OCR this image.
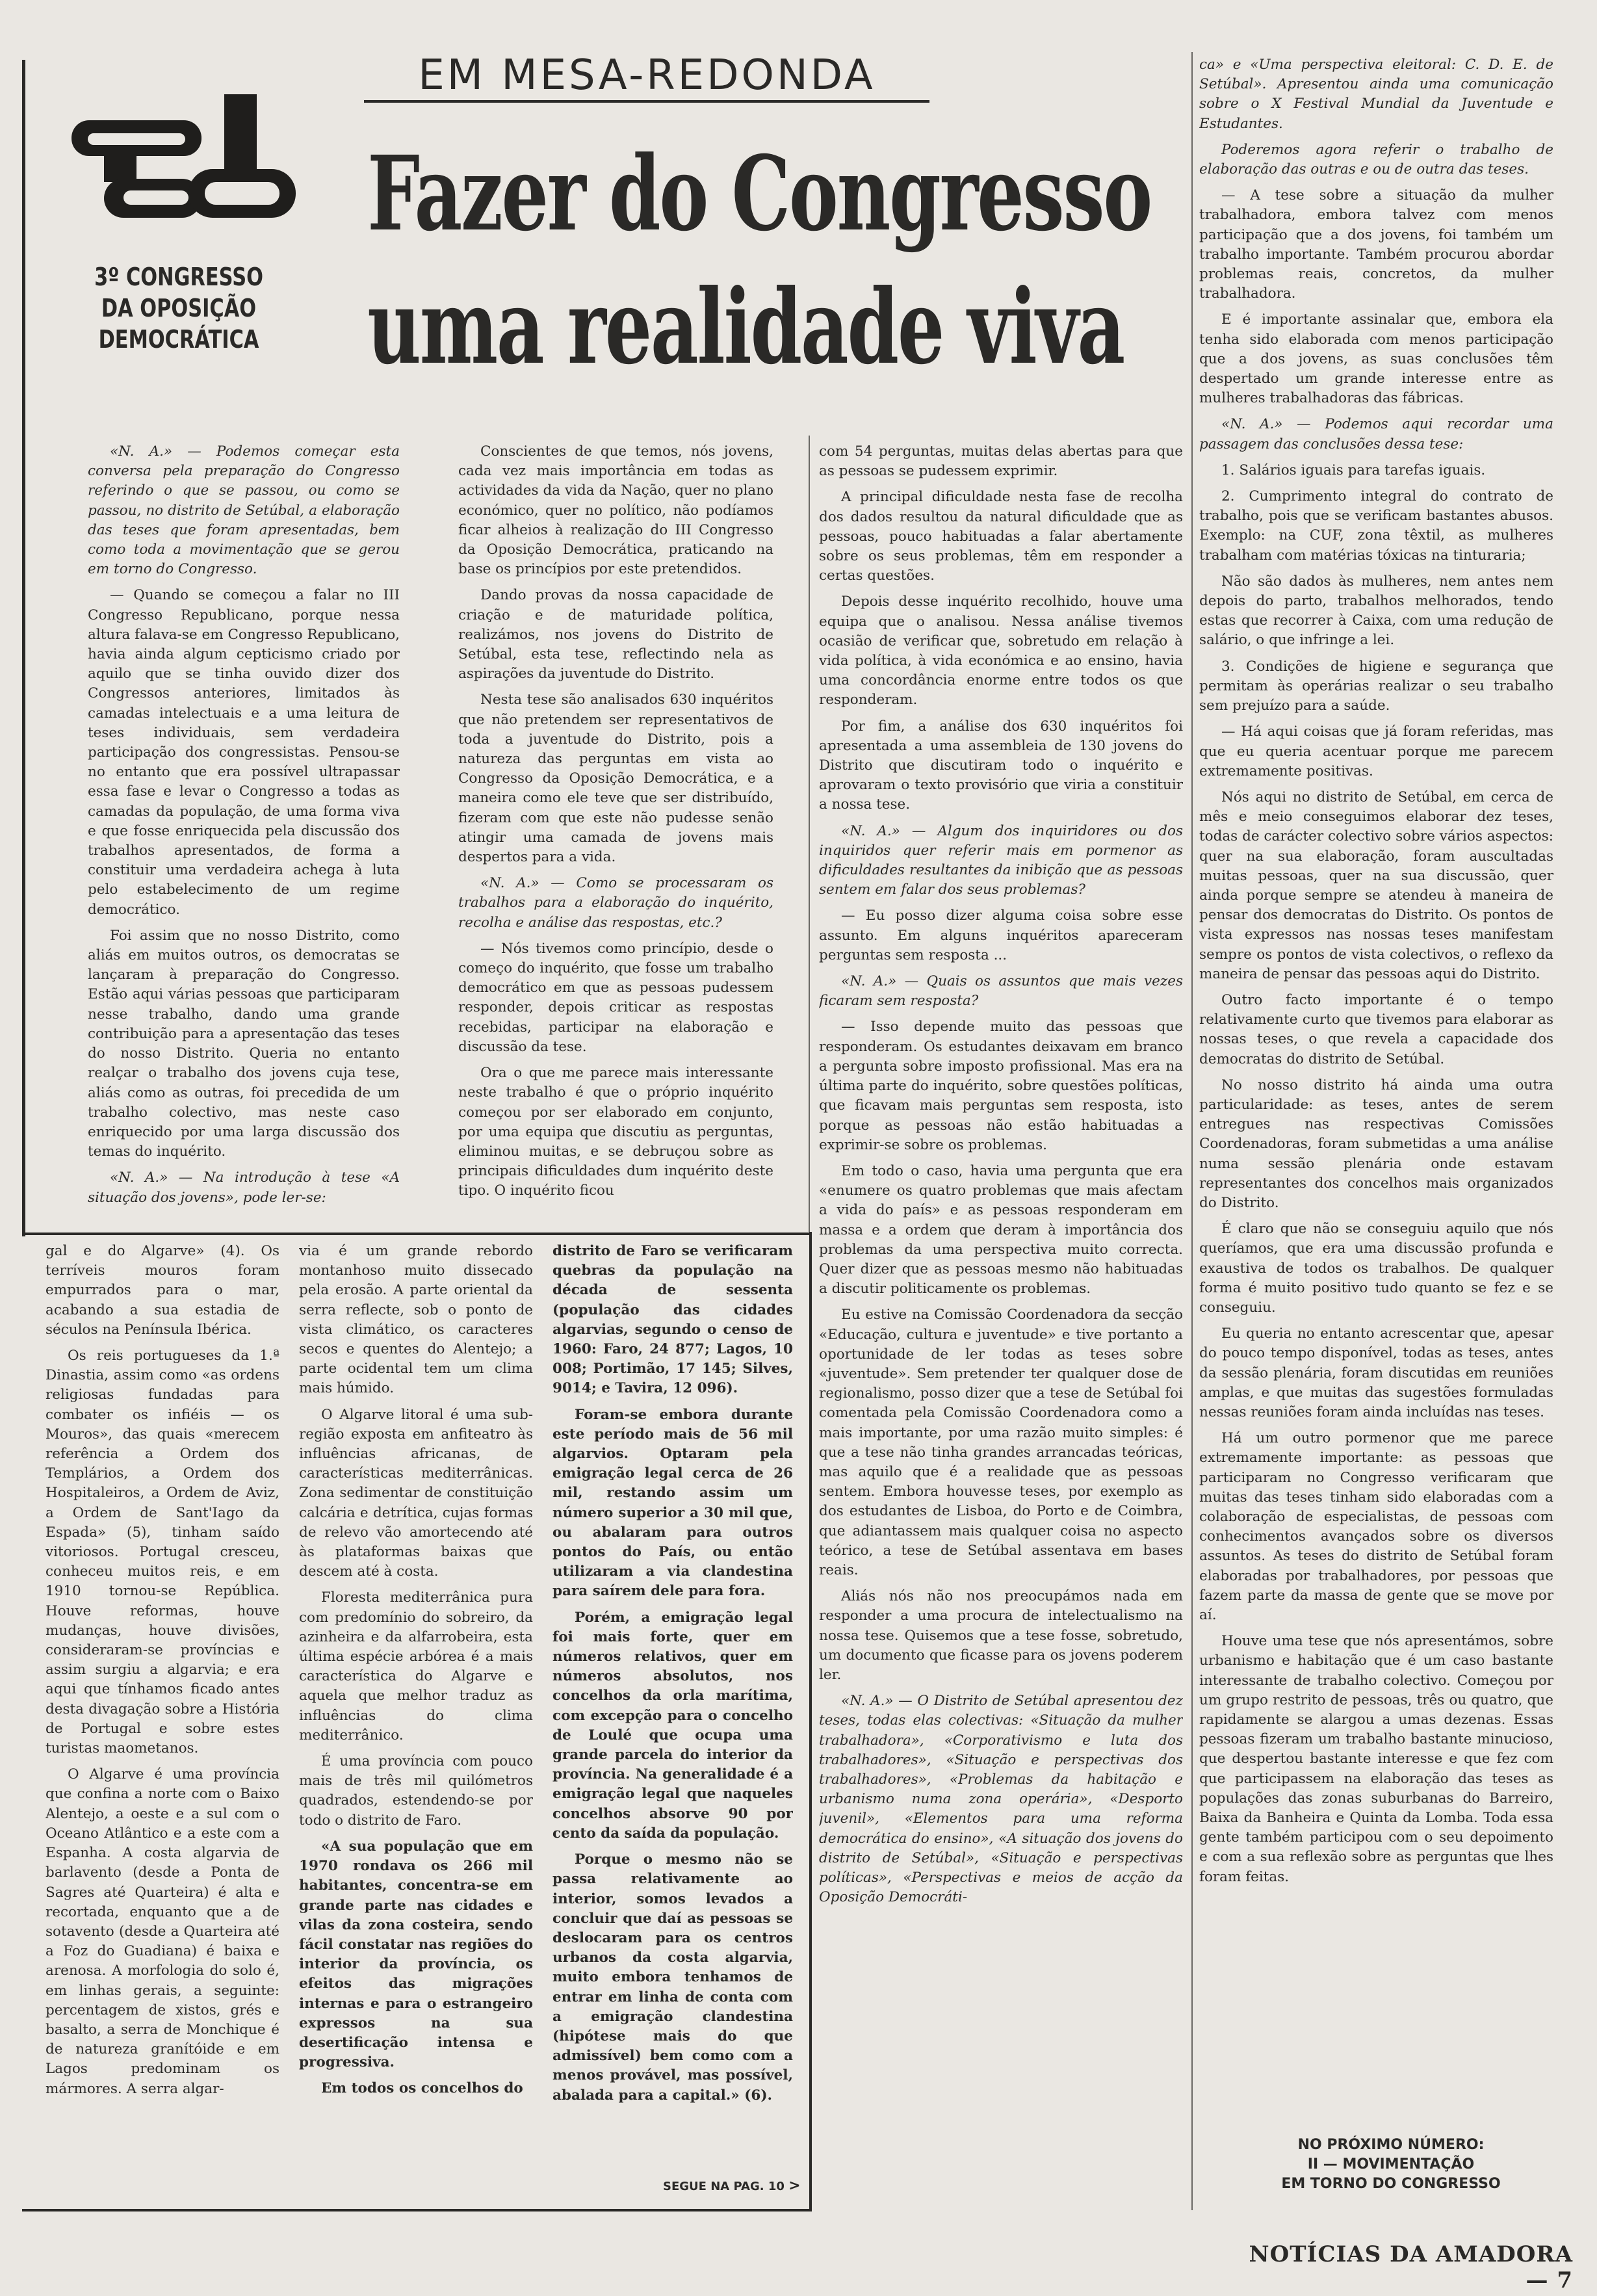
3º CONGRESSO
DA OPOSIÇÃO
DEMOCRÁTICA
EM MESA-REDONDA
Fazer do Congresso
uma realidade viva

«N. A.» — Podemos começar esta conversa pela preparação do Congresso referindo o que se passou, ou como se passou, no distrito de Setúbal, a elaboração das teses que foram apresentadas, bem como toda a movimentação que se gerou em torno do Congresso.

— Quando se começou a falar no III Congresso Republicano, porque nessa altura falava-se em Congresso Republicano, havia ainda algum cepticismo criado por aquilo que se tinha ouvido dizer dos Congressos anteriores, limitados às camadas intelectuais e a uma leitura de teses individuais, sem verdadeira participação dos congressistas. Pensou-se no entanto que era possível ultrapassar essa fase e levar o Congresso a todas as camadas da população, de uma forma viva e que fosse enriquecida pela discussão dos trabalhos apresentados, de forma a constituir uma verdadeira achega à luta pelo estabelecimento de um regime democrático.

Foi assim que no nosso Distrito, como aliás em muitos outros, os democratas se lançaram à preparação do Congresso. Estão aqui várias pessoas que participaram nesse trabalho, dando uma grande contribuição para a apresentação das teses do nosso Distrito. Queria no entanto realçar o trabalho dos jovens cuja tese, aliás como as outras, foi precedida de um trabalho colectivo, mas neste caso enriquecido por uma larga discussão dos temas do inquérito.

«N. A.» — Na introdução à tese «A situação dos jovens», pode ler-se:

Conscientes de que temos, nós jovens, cada vez mais importância em todas as actividades da vida da Nação, quer no plano económico, quer no político, não podíamos ficar alheios à realização do III Congresso da Oposição Democrática, praticando na base os princípios por este pretendidos.

Dando provas da nossa capacidade de criação e de maturidade política, realizámos, nos jovens do Distrito de Setúbal, esta tese, reflectindo nela as aspirações da juventude do Distrito.

Nesta tese são analisados 630 inquéritos que não pretendem ser representativos de toda a juventude do Distrito, pois a natureza das perguntas em vista ao Congresso da Oposição Democrática, e a maneira como ele teve que ser distribuído, fizeram com que este não pudesse senão atingir uma camada de jovens mais despertos para a vida.

«N. A.» — Como se processaram os trabalhos para a elaboração do inquérito, recolha e análise das respostas, etc.?

— Nós tivemos como princípio, desde o começo do inquérito, que fosse um trabalho democrático em que as pessoas pudessem responder, depois criticar as respostas recebidas, participar na elaboração e discussão da tese.

Ora o que me parece mais interessante neste trabalho é que o próprio inquérito começou por ser elaborado em conjunto, por uma equipa que discutiu as perguntas, eliminou muitas, e se debruçou sobre as principais dificuldades dum inquérito deste tipo. O inquérito ficou

com 54 perguntas, muitas delas abertas para que as pessoas se pudessem exprimir.

A principal dificuldade nesta fase de recolha dos dados resultou da natural dificuldade que as pessoas, pouco habituadas a falar abertamente sobre os seus problemas, têm em responder a certas questões.

Depois desse inquérito recolhido, houve uma equipa que o analisou. Nessa análise tivemos ocasião de verificar que, sobretudo em relação à vida política, à vida económica e ao ensino, havia uma concordância enorme entre todos os que responderam.

Por fim, a análise dos 630 inquéritos foi apresentada a uma assembleia de 130 jovens do Distrito que discutiram todo o inquérito e aprovaram o texto provisório que viria a constituir a nossa tese.

«N. A.» — Algum dos inquiridores ou dos inquiridos quer referir mais em pormenor as dificuldades resultantes da inibição que as pessoas sentem em falar dos seus problemas?

— Eu posso dizer alguma coisa sobre esse assunto. Em alguns inquéritos apareceram perguntas sem resposta ...

«N. A.» — Quais os assuntos que mais vezes ficaram sem resposta?

— Isso depende muito das pessoas que responderam. Os estudantes deixavam em branco a pergunta sobre imposto profissional. Mas era na última parte do inquérito, sobre questões políticas, que ficavam mais perguntas sem resposta, isto porque as pessoas não estão habituadas a exprimir-se sobre os problemas.

Em todo o caso, havia uma pergunta que era «enumere os quatro problemas que mais afectam a vida do país» e as pessoas responderam em massa e a ordem que deram à importância dos problemas da uma perspectiva muito correcta. Quer dizer que as pessoas mesmo não habituadas a discutir politicamente os problemas.

Eu estive na Comissão Coordenadora da secção «Educação, cultura e juventude» e tive portanto a oportunidade de ler todas as teses sobre «juventude». Sem pretender ter qualquer dose de regionalismo, posso dizer que a tese de Setúbal foi comentada pela Comissão Coordenadora como a mais importante, por uma razão muito simples: é que a tese não tinha grandes arrancadas teóricas, mas aquilo que é a realidade que as pessoas sentem. Embora houvesse teses, por exemplo as dos estudantes de Lisboa, do Porto e de Coimbra, que adiantassem mais qualquer coisa no aspecto teórico, a tese de Setúbal assentava em bases reais.

Aliás nós não nos preocupámos nada em responder a uma procura de intelectualismo na nossa tese. Quisemos que a tese fosse, sobretudo, um documento que ficasse para os jovens poderem ler.

«N. A.» — O Distrito de Setúbal apresentou dez teses, todas elas colectivas: «Situação da mulher trabalhadora», «Corporativismo e luta dos trabalhadores», «Situação e perspectivas dos trabalhadores», «Problemas da habitação e urbanismo numa zona operária», «Desporto juvenil», «Elementos para uma reforma democrática do ensino», «A situação dos jovens do distrito de Setúbal», «Situação e perspectivas políticas», «Perspectivas e meios de acção da Oposição Democráti-

ca» e «Uma perspectiva eleitoral: C. D. E. de Setúbal». Apresentou ainda uma comunicação sobre o X Festival Mundial da Juventude e Estudantes.

Poderemos agora referir o trabalho de elaboração das outras e ou de outra das teses.

— A tese sobre a situação da mulher trabalhadora, embora talvez com menos participação que a dos jovens, foi também um trabalho importante. Também procurou abordar problemas reais, concretos, da mulher trabalhadora.

E é importante assinalar que, embora ela tenha sido elaborada com menos participação que a dos jovens, as suas conclusões têm despertado um grande interesse entre as mulheres trabalhadoras das fábricas.

«N. A.» — Podemos aqui recordar uma passagem das conclusões dessa tese:

1. Salários iguais para tarefas iguais.

2. Cumprimento integral do contrato de trabalho, pois que se verificam bastantes abusos. Exemplo: na CUF, zona têxtil, as mulheres trabalham com matérias tóxicas na tinturaria;

Não são dados às mulheres, nem antes nem depois do parto, trabalhos melhorados, tendo estas que recorrer à Caixa, com uma redução de salário, o que infringe a lei.

3. Condições de higiene e segurança que permitam às operárias realizar o seu trabalho sem prejuízo para a saúde.

— Há aqui coisas que já foram referidas, mas que eu queria acentuar porque me parecem extremamente positivas.

Nós aqui no distrito de Setúbal, em cerca de mês e meio conseguimos elaborar dez teses, todas de carácter colectivo sobre vários aspectos: quer na sua elaboração, foram auscultadas muitas pessoas, quer na sua discussão, quer ainda porque sempre se atendeu à maneira de pensar dos democratas do Distrito. Os pontos de vista expressos nas nossas teses manifestam sempre os pontos de vista colectivos, o reflexo da maneira de pensar das pessoas aqui do Distrito.

Outro facto importante é o tempo relativamente curto que tivemos para elaborar as nossas teses, o que revela a capacidade dos democratas do distrito de Setúbal.

No nosso distrito há ainda uma outra particularidade: as teses, antes de serem entregues nas respectivas Comissões Coordenadoras, foram submetidas a uma análise numa sessão plenária onde estavam representantes dos concelhos mais organizados do Distrito.

É claro que não se conseguiu aquilo que nós queríamos, que era uma discussão profunda e exaustiva de todos os trabalhos. De qualquer forma é muito positivo tudo quanto se fez e se conseguiu.

Eu queria no entanto acrescentar que, apesar do pouco tempo disponível, todas as teses, antes da sessão plenária, foram discutidas em reuniões amplas, e que muitas das sugestões formuladas nessas reuniões foram ainda incluídas nas teses.

Há um outro pormenor que me parece extremamente importante: as pessoas que participaram no Congresso verificaram que muitas das teses tinham sido elaboradas com a colaboração de especialistas, de pessoas com conhecimentos avançados sobre os diversos assuntos. As teses do distrito de Setúbal foram elaboradas por trabalhadores, por pessoas que fazem parte da massa de gente que se move por aí.

Houve uma tese que nós apresentámos, sobre urbanismo e habitação que é um caso bastante interessante de trabalho colectivo. Começou por um grupo restrito de pessoas, três ou quatro, que rapidamente se alargou a umas dezenas. Essas pessoas fizeram um trabalho bastante minucioso, que despertou bastante interesse e que fez com que participassem na elaboração das teses as populações das zonas suburbanas do Barreiro, Baixa da Banheira e Quinta da Lomba. Toda essa gente também participou com o seu depoimento e com a sua reflexão sobre as perguntas que lhes foram feitas.

gal e do Algarve» (4). Os terríveis mouros foram empurrados para o mar, acabando a sua estadia de séculos na Península Ibérica.

Os reis portugueses da 1.ª Dinastia, assim como «as ordens religiosas fundadas para combater os infiéis — os Mouros», das quais «merecem referência a Ordem dos Templários, a Ordem dos Hospitaleiros, a Ordem de Aviz, a Ordem de Sant'Iago da Espada» (5), tinham saído vitoriosos. Portugal cresceu, conheceu muitos reis, e em 1910 tornou-se República. Houve reformas, houve mudanças, houve divisões, consideraram-se províncias e assim surgiu a algarvia; e era aqui que tínhamos ficado antes desta divagação sobre a História de Portugal e sobre estes turistas maometanos.

O Algarve é uma província que confina a norte com o Baixo Alentejo, a oeste e a sul com o Oceano Atlântico e a este com a Espanha. A costa algarvia de barlavento (desde a Ponta de Sagres até Quarteira) é alta e recortada, enquanto que a de sotavento (desde a Quarteira até a Foz do Guadiana) é baixa e arenosa. A morfologia do solo é, em linhas gerais, a seguinte: percentagem de xistos, grés e basalto, a serra de Monchique é de natureza granítóide e em Lagos predominam os mármores. A serra algar-

via é um grande rebordo montanhoso muito dissecado pela erosão. A parte oriental da serra reflecte, sob o ponto de vista climático, os caracteres secos e quentes do Alentejo; a parte ocidental tem um clima mais húmido.

O Algarve litoral é uma sub-região exposta em anfiteatro às influências africanas, de características mediterrânicas. Zona sedimentar de constituição calcária e detrítica, cujas formas de relevo vão amortecendo até às plataformas baixas que descem até à costa.

Floresta mediterrânica pura com predomínio do sobreiro, da azinheira e da alfarrobeira, esta última espécie arbórea é a mais característica do Algarve e aquela que melhor traduz as influências do clima mediterrânico.

É uma província com pouco mais de três mil quilómetros quadrados, estendendo-se por todo o distrito de Faro.

«A sua população que em 1970 rondava os 266 mil habitantes, concentra-se em grande parte nas cidades e vilas da zona costeira, sendo fácil constatar nas regiões do interior da província, os efeitos das migrações internas e para o estrangeiro expressos na sua desertificação intensa e progressiva.

Em todos os concelhos do

distrito de Faro se verificaram quebras da população na década de sessenta (população das cidades algarvias, segundo o censo de 1960: Faro, 24 877; Lagos, 10 008; Portimão, 17 145; Silves, 9014; e Tavira, 12 096).

Foram-se embora durante este período mais de 56 mil algarvios. Optaram pela emigração legal cerca de 26 mil, restando assim um número superior a 30 mil que, ou abalaram para outros pontos do País, ou então utilizaram a via clandestina para saírem dele para fora.

Porém, a emigração legal foi mais forte, quer em números relativos, quer em números absolutos, nos concelhos da orla marítima, com excepção para o concelho de Loulé que ocupa uma grande parcela do interior da província. Na generalidade é a emigração legal que naqueles concelhos absorve 90 por cento da saída da população.

Porque o mesmo não se passa relativamente ao interior, somos levados a concluir que daí as pessoas se deslocaram para os centros urbanos da costa algarvia, muito embora tenhamos de entrar em linha de conta com a emigração clandestina (hipótese mais do que admissível) bem como com a menos provável, mas possível, abalada para a capital.» (6).

SEGUE NA PAG. 10 >
NO PRÓXIMO NÚMERO:
II — MOVIMENTAÇÃO
EM TORNO DO CONGRESSO
NOTÍCIAS DA AMADORA — 7
